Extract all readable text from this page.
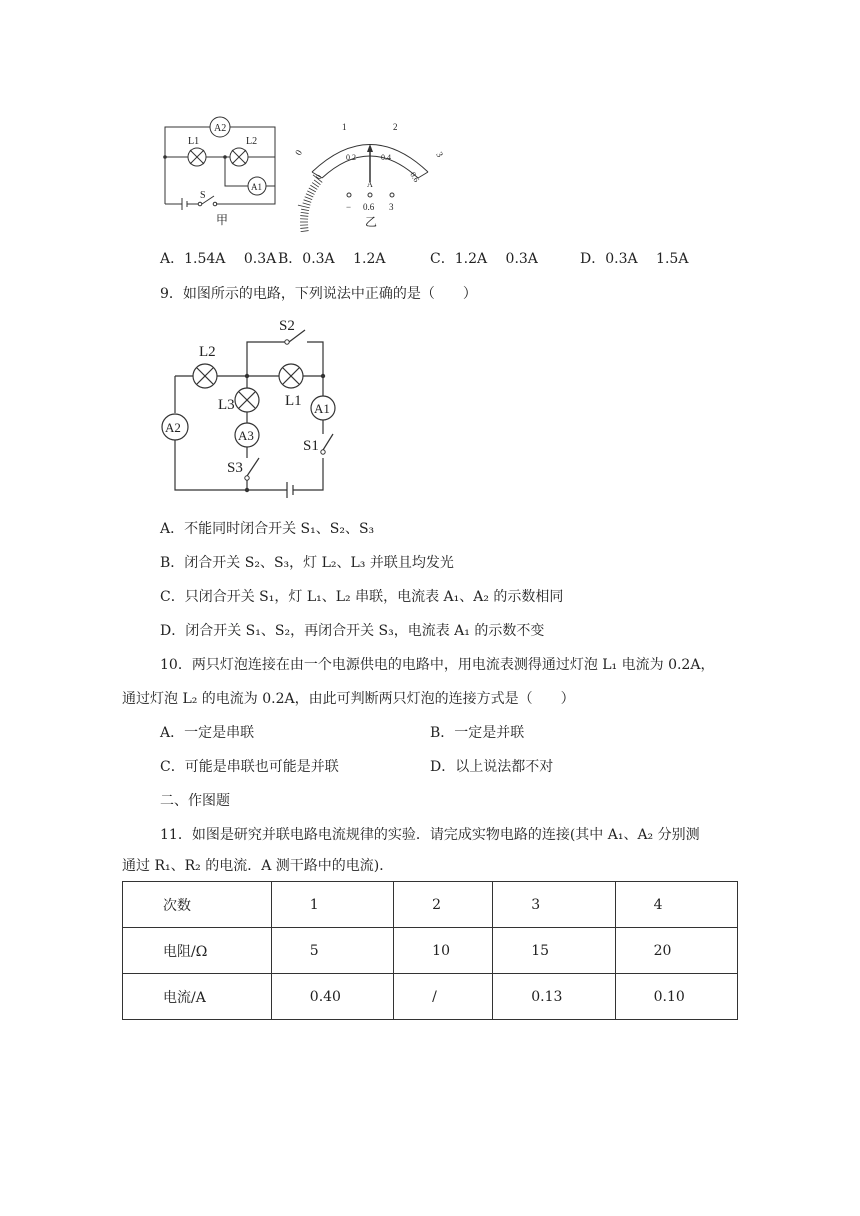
A2
L1	L2
A1
S
甲
0
1	2
3
0
0.2	0.4
0.6
A
− 0.6 3
乙
A．1.54A　 0.3A B．0.3A　 1.2A	C．1.2A　 0.3A	D．0.3A　 1.5A
9．如图所示的电路，下列说法中正确的是（　　）
S2
L2
L3	L1 A1
A2
A3
S1
S3
A．不能同时闭合开关 S₁、S₂、S₃
B．闭合开关 S₂、S₃，灯 L₂、L₃ 并联且均发光
C．只闭合开关 S₁，灯 L₁、L₂ 串联，电流表 A₁、A₂ 的示数相同
D．闭合开关 S₁、S₂，再闭合开关 S₃，电流表 A₁ 的示数不变
10．两只灯泡连接在由一个电源供电的电路中，用电流表测得通过灯泡 L₁ 电流为 0.2A，
通过灯泡 L₂ 的电流为 0.2A，由此可判断两只灯泡的连接方式是（　　）
A．一定是串联	B．一定是并联
C．可能是串联也可能是并联	D．以上说法都不对
二、作图题
11．如图是研究并联电路电流规律的实验．请完成实物电路的连接(其中 A₁、A₂ 分别测
通过 R₁、R₂ 的电流．A 测干路中的电流)．
次数	1	2	3	4
电阻/Ω	5	10	15	20
电流/A	0.40	/	0.13	0.10
